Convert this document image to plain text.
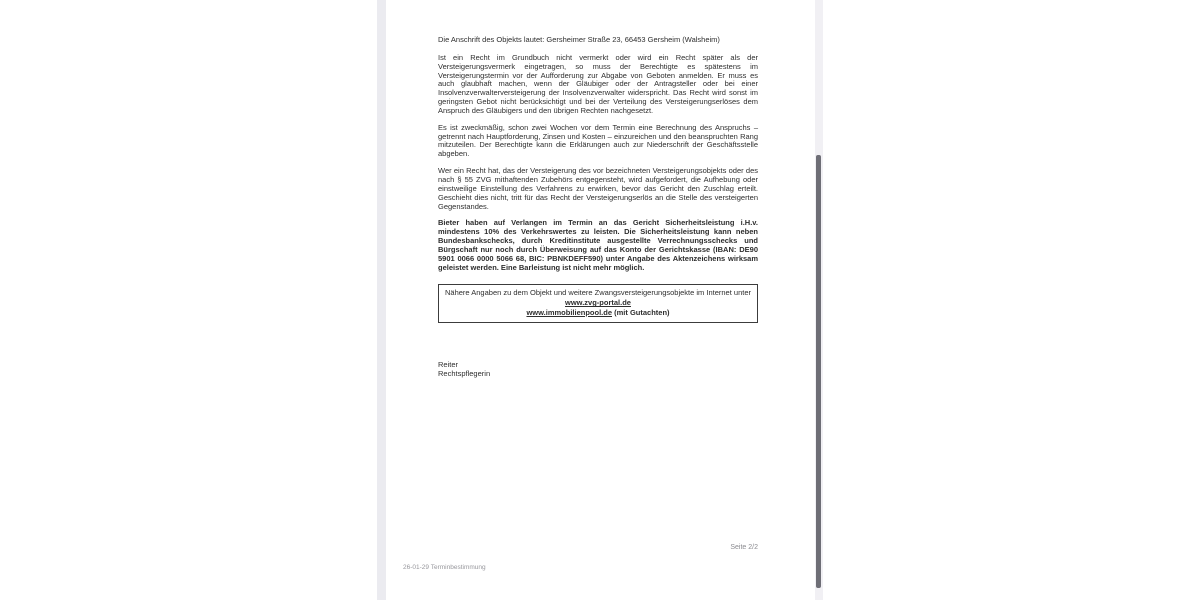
Die Anschrift des Objekts lautet: Gersheimer Straße 23, 66453 Gersheim (Walsheim)

Ist ein Recht im Grundbuch nicht vermerkt oder wird ein Recht später als der Versteigerungsvermerk eingetragen, so muss der Berechtigte es spätestens im Versteigerungstermin vor der Aufforderung zur Abgabe von Geboten anmelden. Er muss es auch glaubhaft machen, wenn der Gläubiger oder der Antragsteller oder bei einer Insolvenzverwalterversteigerung der Insolvenzverwalter widerspricht. Das Recht wird sonst im geringsten Gebot nicht berücksichtigt und bei der Verteilung des Versteigerungserlöses dem Anspruch des Gläubigers und den übrigen Rechten nachgesetzt.

Es ist zweckmäßig, schon zwei Wochen vor dem Termin eine Berechnung des Anspruchs – getrennt nach Hauptforderung, Zinsen und Kosten – einzureichen und den beanspruchten Rang mitzuteilen. Der Berechtigte kann die Erklärungen auch zur Niederschrift der Geschäftsstelle abgeben.

Wer ein Recht hat, das der Versteigerung des vor bezeichneten Versteigerungsobjekts oder des nach § 55 ZVG mithaftenden Zubehörs entgegensteht, wird aufgefordert, die Aufhebung oder einstweilige Einstellung des Verfahrens zu erwirken, bevor das Gericht den Zuschlag erteilt. Geschieht dies nicht, tritt für das Recht der Versteigerungserlös an die Stelle des versteigerten Gegenstandes.

Bieter haben auf Verlangen im Termin an das Gericht Sicherheitsleistung i.H.v. mindestens 10% des Verkehrswertes zu leisten. Die Sicherheitsleistung kann neben Bundesbankschecks, durch Kreditinstitute ausgestellte Verrechnungsschecks und Bürgschaft nur noch durch Überweisung auf das Konto der Gerichtskasse (IBAN: DE90 5901 0066 0000 5066 68, BIC: PBNKDEFF590) unter Angabe des Aktenzeichens wirksam geleistet werden. Eine Barleistung ist nicht mehr möglich.

Nähere Angaben zu dem Objekt und weitere Zwangsversteigerungsobjekte im Internet unter
www.zvg-portal.de
www.immobilienpool.de (mit Gutachten)
Reiter
Rechtspflegerin
Seite 2/2
26-01-29 Terminbestimmung
